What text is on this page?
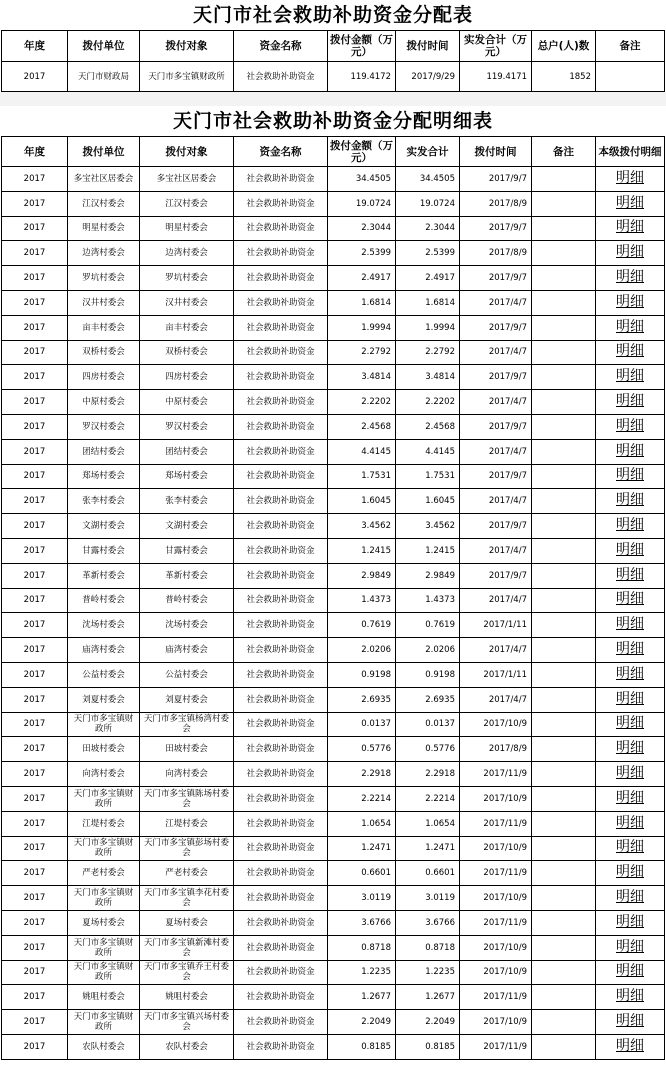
天门市社会救助补助资金分配表
年度	拨付单位	拨付对象	资金名称	拨付金额（万元）	拨付时间	实发合计（万元）	总户(人)数	备注
2017	天门市财政局	天门市多宝镇财政所	社会救助补助资金	119.4172	2017/9/29	119.4171	1852	
天门市社会救助补助资金分配明细表
年度	拨付单位	拨付对象	资金名称	拨付金额（万元）	实发合计	拨付时间	备注	本级拨付明细
2017	多宝社区居委会	多宝社区居委会	社会救助补助资金	34.4505	34.4505	2017/9/7		明细
2017	江汉村委会	江汉村委会	社会救助补助资金	19.0724	19.0724	2017/8/9		明细
2017	明星村委会	明星村委会	社会救助补助资金	2.3044	2.3044	2017/9/7		明细
2017	边湾村委会	边湾村委会	社会救助补助资金	2.5399	2.5399	2017/8/9		明细
2017	罗坑村委会	罗坑村委会	社会救助补助资金	2.4917	2.4917	2017/9/7		明细
2017	汉井村委会	汉井村委会	社会救助补助资金	1.6814	1.6814	2017/4/7		明细
2017	亩丰村委会	亩丰村委会	社会救助补助资金	1.9994	1.9994	2017/9/7		明细
2017	双桥村委会	双桥村委会	社会救助补助资金	2.2792	2.2792	2017/4/7		明细
2017	四房村委会	四房村委会	社会救助补助资金	3.4814	3.4814	2017/9/7		明细
2017	中原村委会	中原村委会	社会救助补助资金	2.2202	2.2202	2017/4/7		明细
2017	罗汉村委会	罗汉村委会	社会救助补助资金	2.4568	2.4568	2017/9/7		明细
2017	团结村委会	团结村委会	社会救助补助资金	4.4145	4.4145	2017/4/7		明细
2017	郑场村委会	郑场村委会	社会救助补助资金	1.7531	1.7531	2017/9/7		明细
2017	张李村委会	张李村委会	社会救助补助资金	1.6045	1.6045	2017/4/7		明细
2017	文湖村委会	文湖村委会	社会救助补助资金	3.4562	3.4562	2017/9/7		明细
2017	甘露村委会	甘露村委会	社会救助补助资金	1.2415	1.2415	2017/4/7		明细
2017	革新村委会	革新村委会	社会救助补助资金	2.9849	2.9849	2017/9/7		明细
2017	普岭村委会	普岭村委会	社会救助补助资金	1.4373	1.4373	2017/4/7		明细
2017	沈场村委会	沈场村委会	社会救助补助资金	0.7619	0.7619	2017/1/11		明细
2017	庙湾村委会	庙湾村委会	社会救助补助资金	2.0206	2.0206	2017/4/7		明细
2017	公益村委会	公益村委会	社会救助补助资金	0.9198	0.9198	2017/1/11		明细
2017	刘夏村委会	刘夏村委会	社会救助补助资金	2.6935	2.6935	2017/4/7		明细
2017	天门市多宝镇财政所	天门市多宝镇杨湾村委会	社会救助补助资金	0.0137	0.0137	2017/10/9		明细
2017	田坡村委会	田坡村委会	社会救助补助资金	0.5776	0.5776	2017/8/9		明细
2017	向湾村委会	向湾村委会	社会救助补助资金	2.2918	2.2918	2017/11/9		明细
2017	天门市多宝镇财政所	天门市多宝镇陈场村委会	社会救助补助资金	2.2214	2.2214	2017/10/9		明细
2017	江堤村委会	江堤村委会	社会救助补助资金	1.0654	1.0654	2017/11/9		明细
2017	天门市多宝镇财政所	天门市多宝镇彭场村委会	社会救助补助资金	1.2471	1.2471	2017/10/9		明细
2017	严老村委会	严老村委会	社会救助补助资金	0.6601	0.6601	2017/11/9		明细
2017	天门市多宝镇财政所	天门市多宝镇李花村委会	社会救助补助资金	3.0119	3.0119	2017/10/9		明细
2017	夏场村委会	夏场村委会	社会救助补助资金	3.6766	3.6766	2017/11/9		明细
2017	天门市多宝镇财政所	天门市多宝镇新滩村委会	社会救助补助资金	0.8718	0.8718	2017/10/9		明细
2017	天门市多宝镇财政所	天门市多宝镇乔王村委会	社会救助补助资金	1.2235	1.2235	2017/10/9		明细
2017	姚咀村委会	姚咀村委会	社会救助补助资金	1.2677	1.2677	2017/11/9		明细
2017	天门市多宝镇财政所	天门市多宝镇兴场村委会	社会救助补助资金	2.2049	2.2049	2017/10/9		明细
2017	农队村委会	农队村委会	社会救助补助资金	0.8185	0.8185	2017/11/9		明细
